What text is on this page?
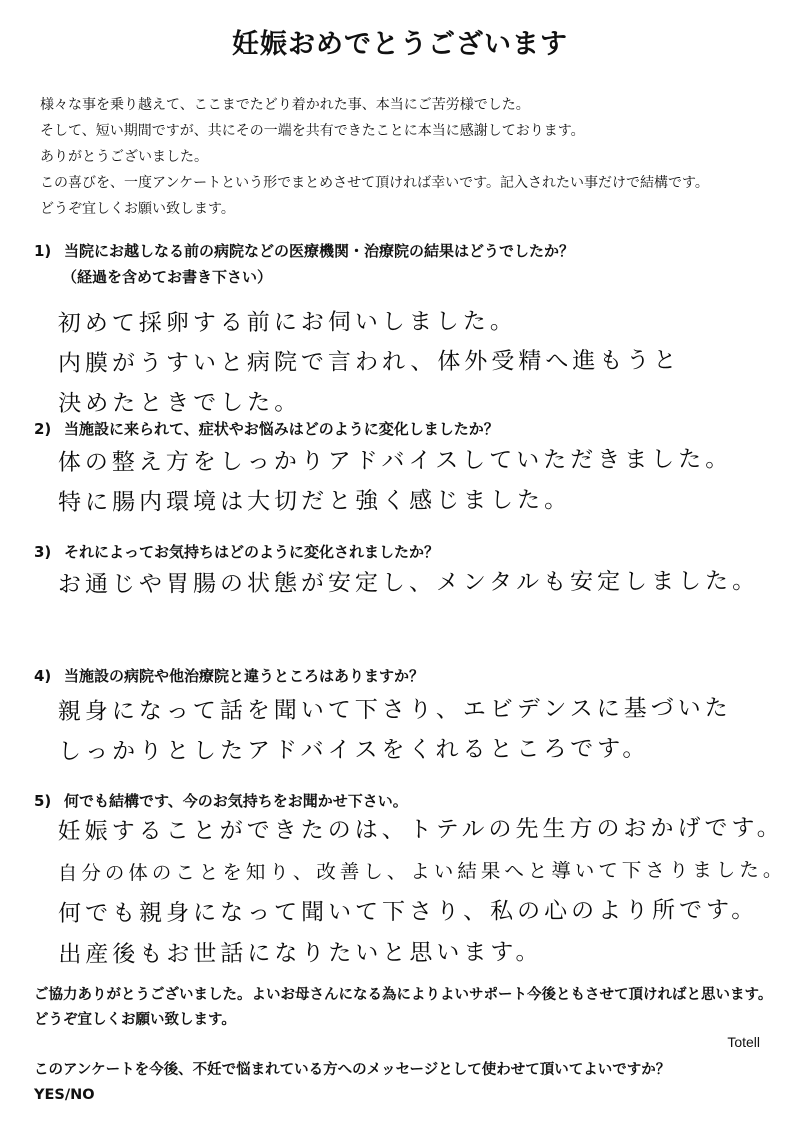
妊娠おめでとうございます
様々な事を乗り越えて、ここまでたどり着かれた事、本当にご苦労様でした。
そして、短い期間ですが、共にその一端を共有できたことに本当に感謝しております。
ありがとうございました。
この喜びを、一度アンケートという形でまとめさせて頂ければ幸いです。記入されたい事だけで結構です。
どうぞ宜しくお願い致します。
1) 当院にお越しなる前の病院などの医療機関・治療院の結果はどうでしたか？
（経過を含めてお書き下さい）
初めて採卵する前にお伺いしました。
内膜がうすいと病院で言われ、体外受精へ進もうと
決めたときでした。
2) 当施設に来られて、症状やお悩みはどのように変化しましたか？
体の整え方をしっかりアドバイスしていただきました。
特に腸内環境は大切だと強く感じました。
3) それによってお気持ちはどのように変化されましたか？
お通じや胃腸の状態が安定し、メンタルも安定しました。
4) 当施設の病院や他治療院と違うところはありますか？
親身になって話を聞いて下さり、エビデンスに基づいた
しっかりとしたアドバイスをくれるところです。
5) 何でも結構です、今のお気持ちをお聞かせ下さい。
妊娠することができたのは、トテルの先生方のおかげです。
自分の体のことを知り、改善し、よい結果へと導いて下さりました。
何でも親身になって聞いて下さり、私の心のより所です。
出産後もお世話になりたいと思います。
ご協力ありがとうございました。よいお母さんになる為によりよいサポート今後ともさせて頂ければと思います。どうぞ宜しくお願い致します。
Totell
このアンケートを今後、不妊で悩まれている方へのメッセージとして使わせて頂いてよいですか？
YES/NO
